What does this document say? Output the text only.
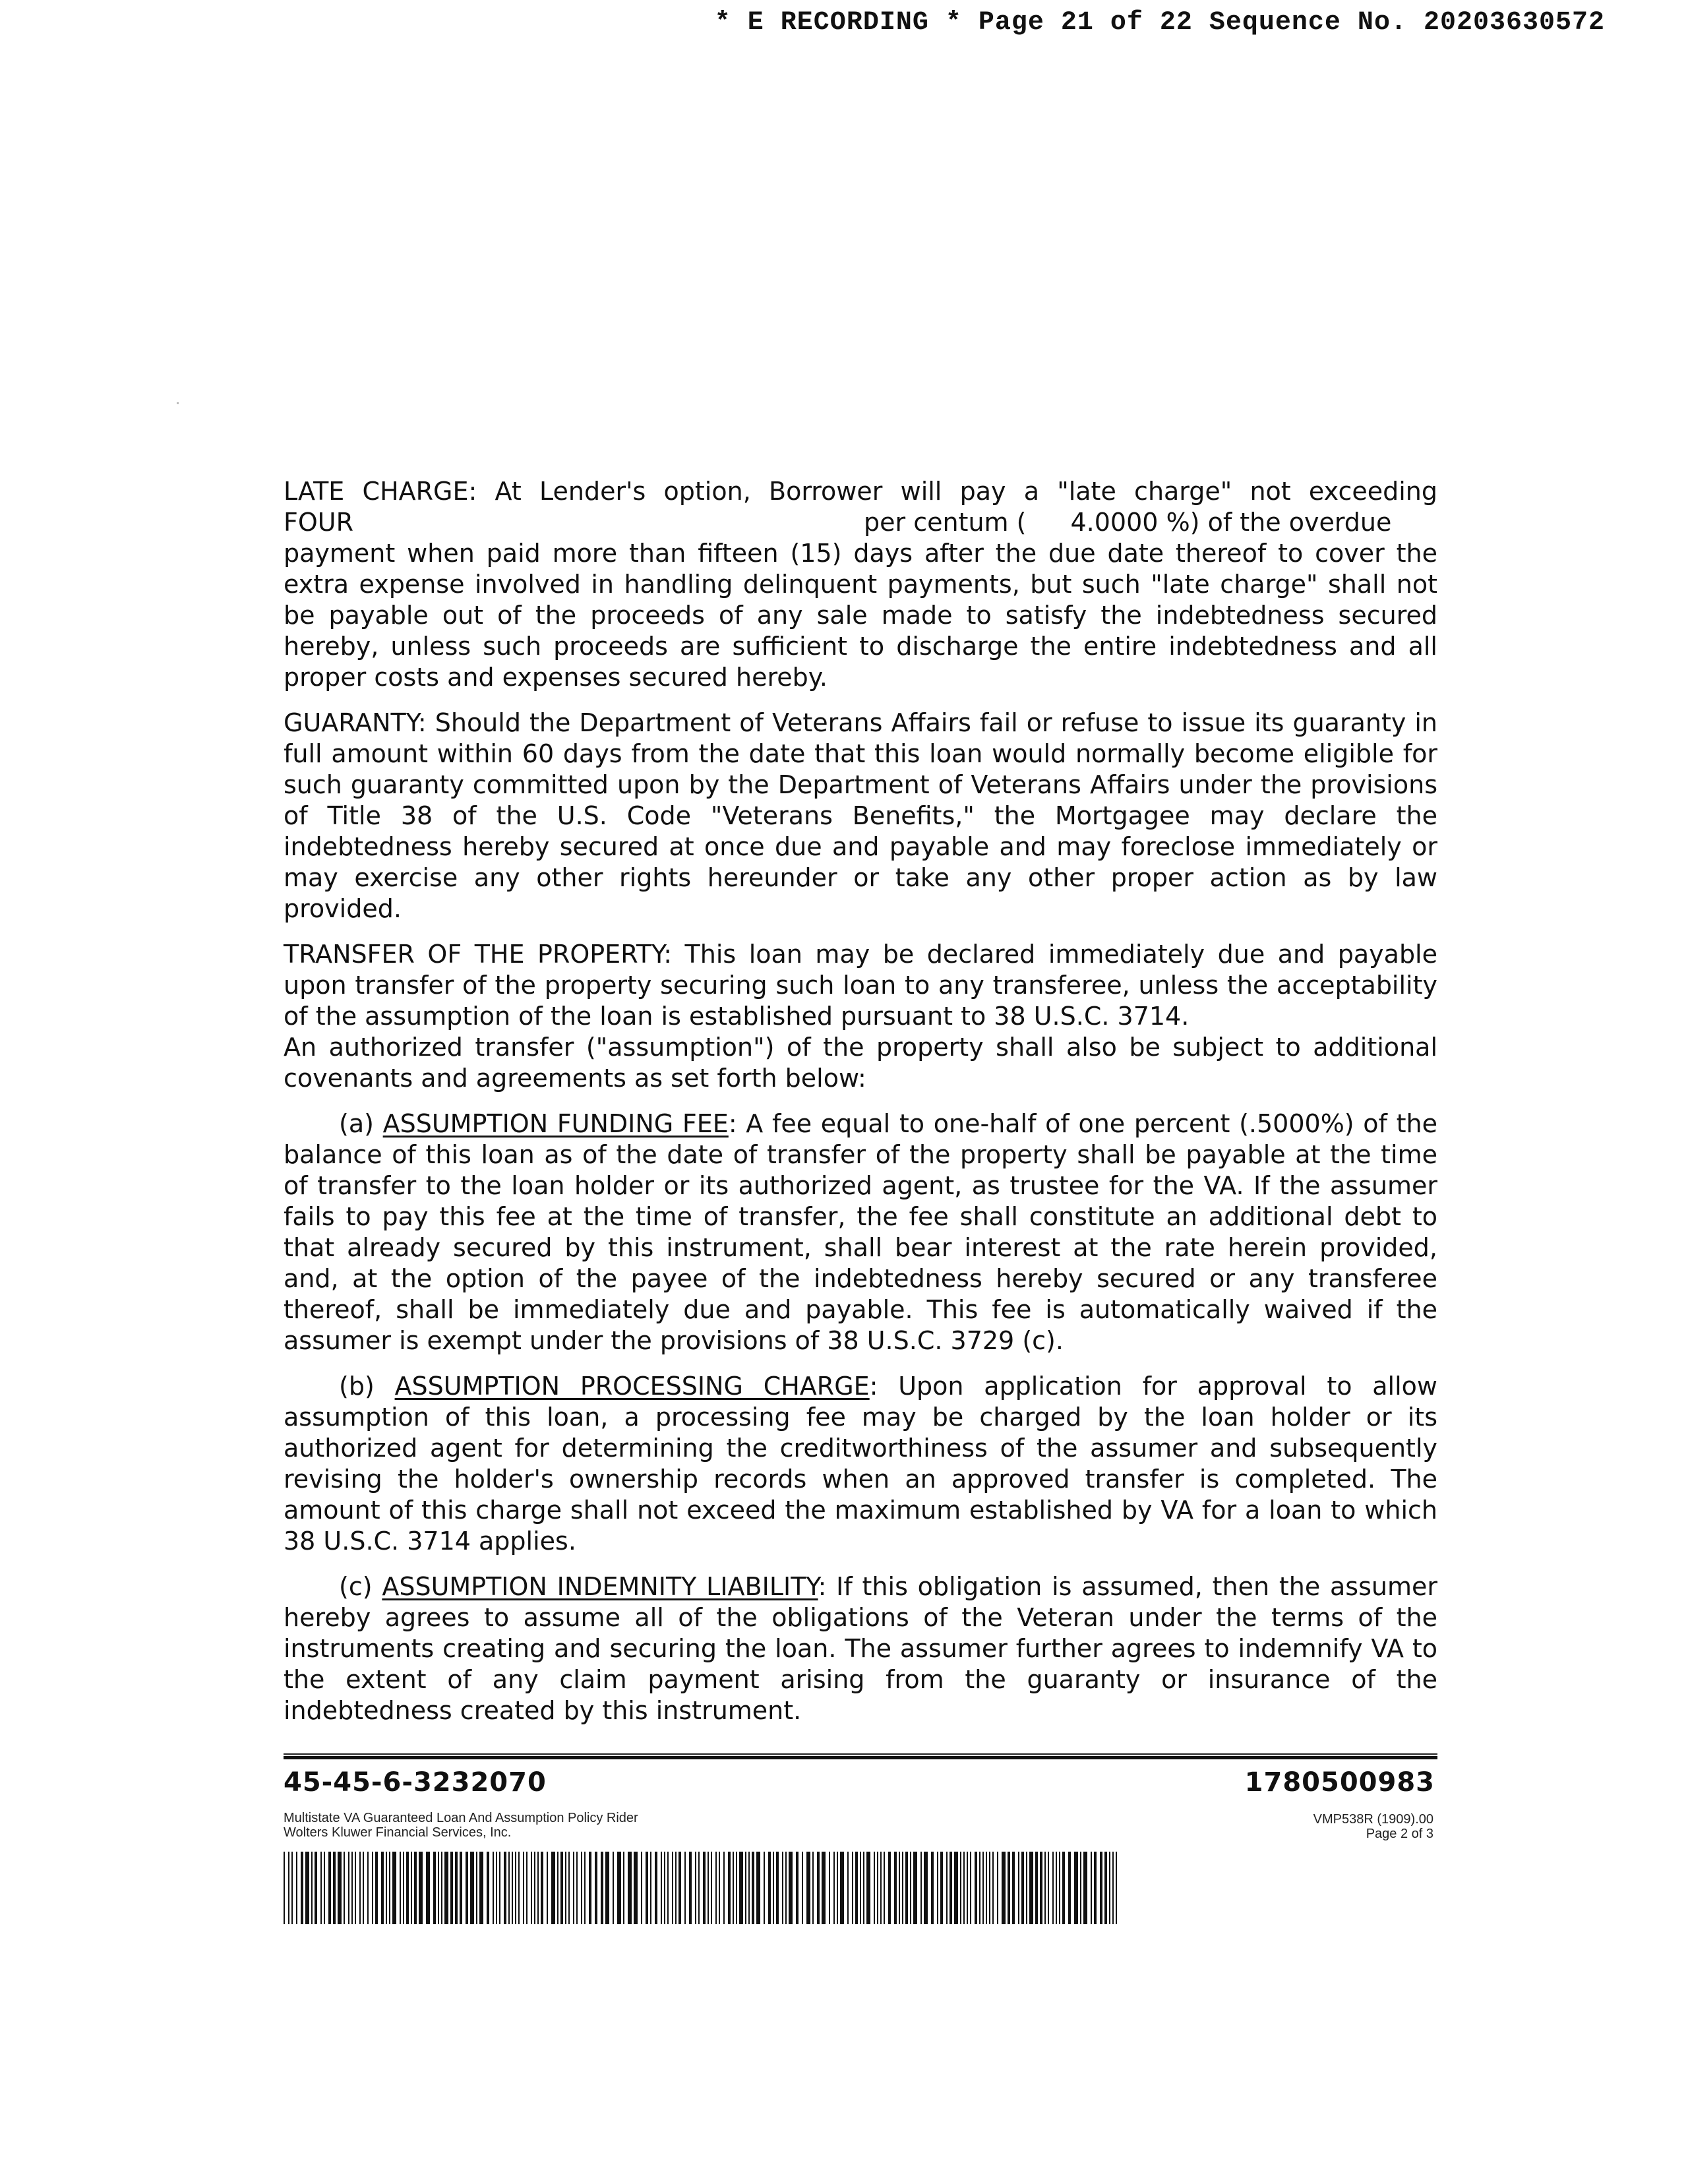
* E RECORDING * Page 21 of 22 Sequence No. 20203630572
LATE CHARGE: At Lender's option, Borrower will pay a "late charge" not exceeding
FOUR	per centum ( 4.0000 %) of the overdue
payment when paid more than fifteen (15) days after the due date thereof to cover the extra expense involved in handling delinquent payments, but such "late charge" shall not be payable out of the proceeds of any sale made to satisfy the indebtedness secured hereby, unless such proceeds are sufficient to discharge the entire indebtedness and all proper costs and expenses secured hereby.
GUARANTY: Should the Department of Veterans Affairs fail or refuse to issue its guaranty in full amount within 60 days from the date that this loan would normally become eligible for such guaranty committed upon by the Department of Veterans Affairs under the provisions of Title 38 of the U.S. Code "Veterans Benefits," the Mortgagee may declare the indebtedness hereby secured at once due and payable and may foreclose immediately or may exercise any other rights hereunder or take any other proper action as by law provided.
TRANSFER OF THE PROPERTY: This loan may be declared immediately due and payable upon transfer of the property securing such loan to any transferee, unless the acceptability of the assumption of the loan is established pursuant to 38 U.S.C. 3714.
An authorized transfer ("assumption") of the property shall also be subject to additional covenants and agreements as set forth below:
(a) ASSUMPTION FUNDING FEE: A fee equal to one-half of one percent (.5000%) of the balance of this loan as of the date of transfer of the property shall be payable at the time of transfer to the loan holder or its authorized agent, as trustee for the VA. If the assumer fails to pay this fee at the time of transfer, the fee shall constitute an additional debt to that already secured by this instrument, shall bear interest at the rate herein provided, and, at the option of the payee of the indebtedness hereby secured or any transferee thereof, shall be immediately due and payable. This fee is automatically waived if the assumer is exempt under the provisions of 38 U.S.C. 3729 (c).
(b) ASSUMPTION PROCESSING CHARGE: Upon application for approval to allow assumption of this loan, a processing fee may be charged by the loan holder or its authorized agent for determining the creditworthiness of the assumer and subsequently revising the holder's ownership records when an approved transfer is completed. The amount of this charge shall not exceed the maximum established by VA for a loan to which 38 U.S.C. 3714 applies.
(c) ASSUMPTION INDEMNITY LIABILITY: If this obligation is assumed, then the assumer hereby agrees to assume all of the obligations of the Veteran under the terms of the instruments creating and securing the loan. The assumer further agrees to indemnify VA to the extent of any claim payment arising from the guaranty or insurance of the indebtedness created by this instrument.
45-45-6-3232070	1780500983
Multistate VA Guaranteed Loan And Assumption Policy Rider
Wolters Kluwer Financial Services, Inc.
VMP538R (1909).00
Page 2 of 3
